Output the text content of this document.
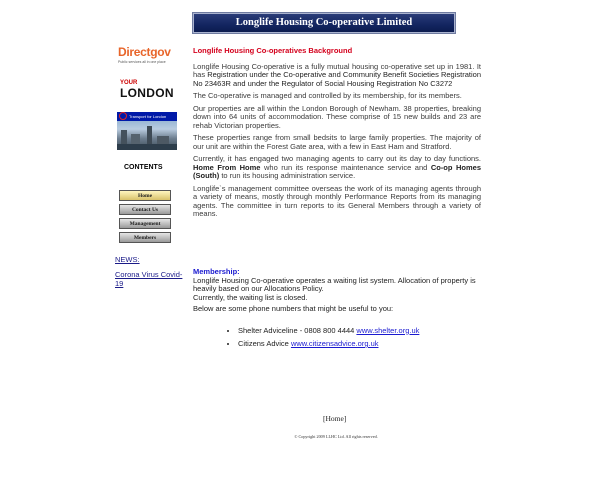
Longlife Housing Co-operative Limited
Directgov
Public services all in one place
YOUR
LONDON
Transport for London
CONTENTS
Home
Contact Us
Management
Members
NEWS:
Corona Virus Covid-19
Longlife Housing Co-operatives Background

Longlife Housing Co-operative is a fully mutual housing co-operative set up in 1981. It has Registration under the Co-operative and Community Benefit Societies Registration No 23463R and under the Regulator of Social Housing Registration No C3272

The Co-operative is managed and controlled by its membership, for its members.

Our properties are all within the London Borough of Newham. 38 properties, breaking down into 64 units of accommodation. These comprise of 15 new builds and 23 are rehab Victorian properties.

These properties range from small bedsits to large family properties. The majority of our unit are within the Forest Gate area, with a few in East Ham and Stratford.

Currently, it has engaged two managing agents to carry out its day to day functions. Home From Home who run its response maintenance service and Co-op Homes (South) to run its housing administration service.

Longlife`s management committee overseas the work of its managing agents through a variety of means, mostly through monthly Performance Reports from its managing agents. The committee in turn reports to its General Members through a variety of means.

Membership:
Longlife Housing Co-operative operates a waiting list system. Allocation of property is heavily based on our Allocations Policy.
Currently, the waiting list is closed.
Below are some phone numbers that might be useful to you:
• Shelter Adviceline - 0808 800 4444 www.shelter.org.uk
• Citizens Advice www.citizensadvice.org.uk
[Home]
© Copyright 2009 LLHC Ltd. All rights reserved.
